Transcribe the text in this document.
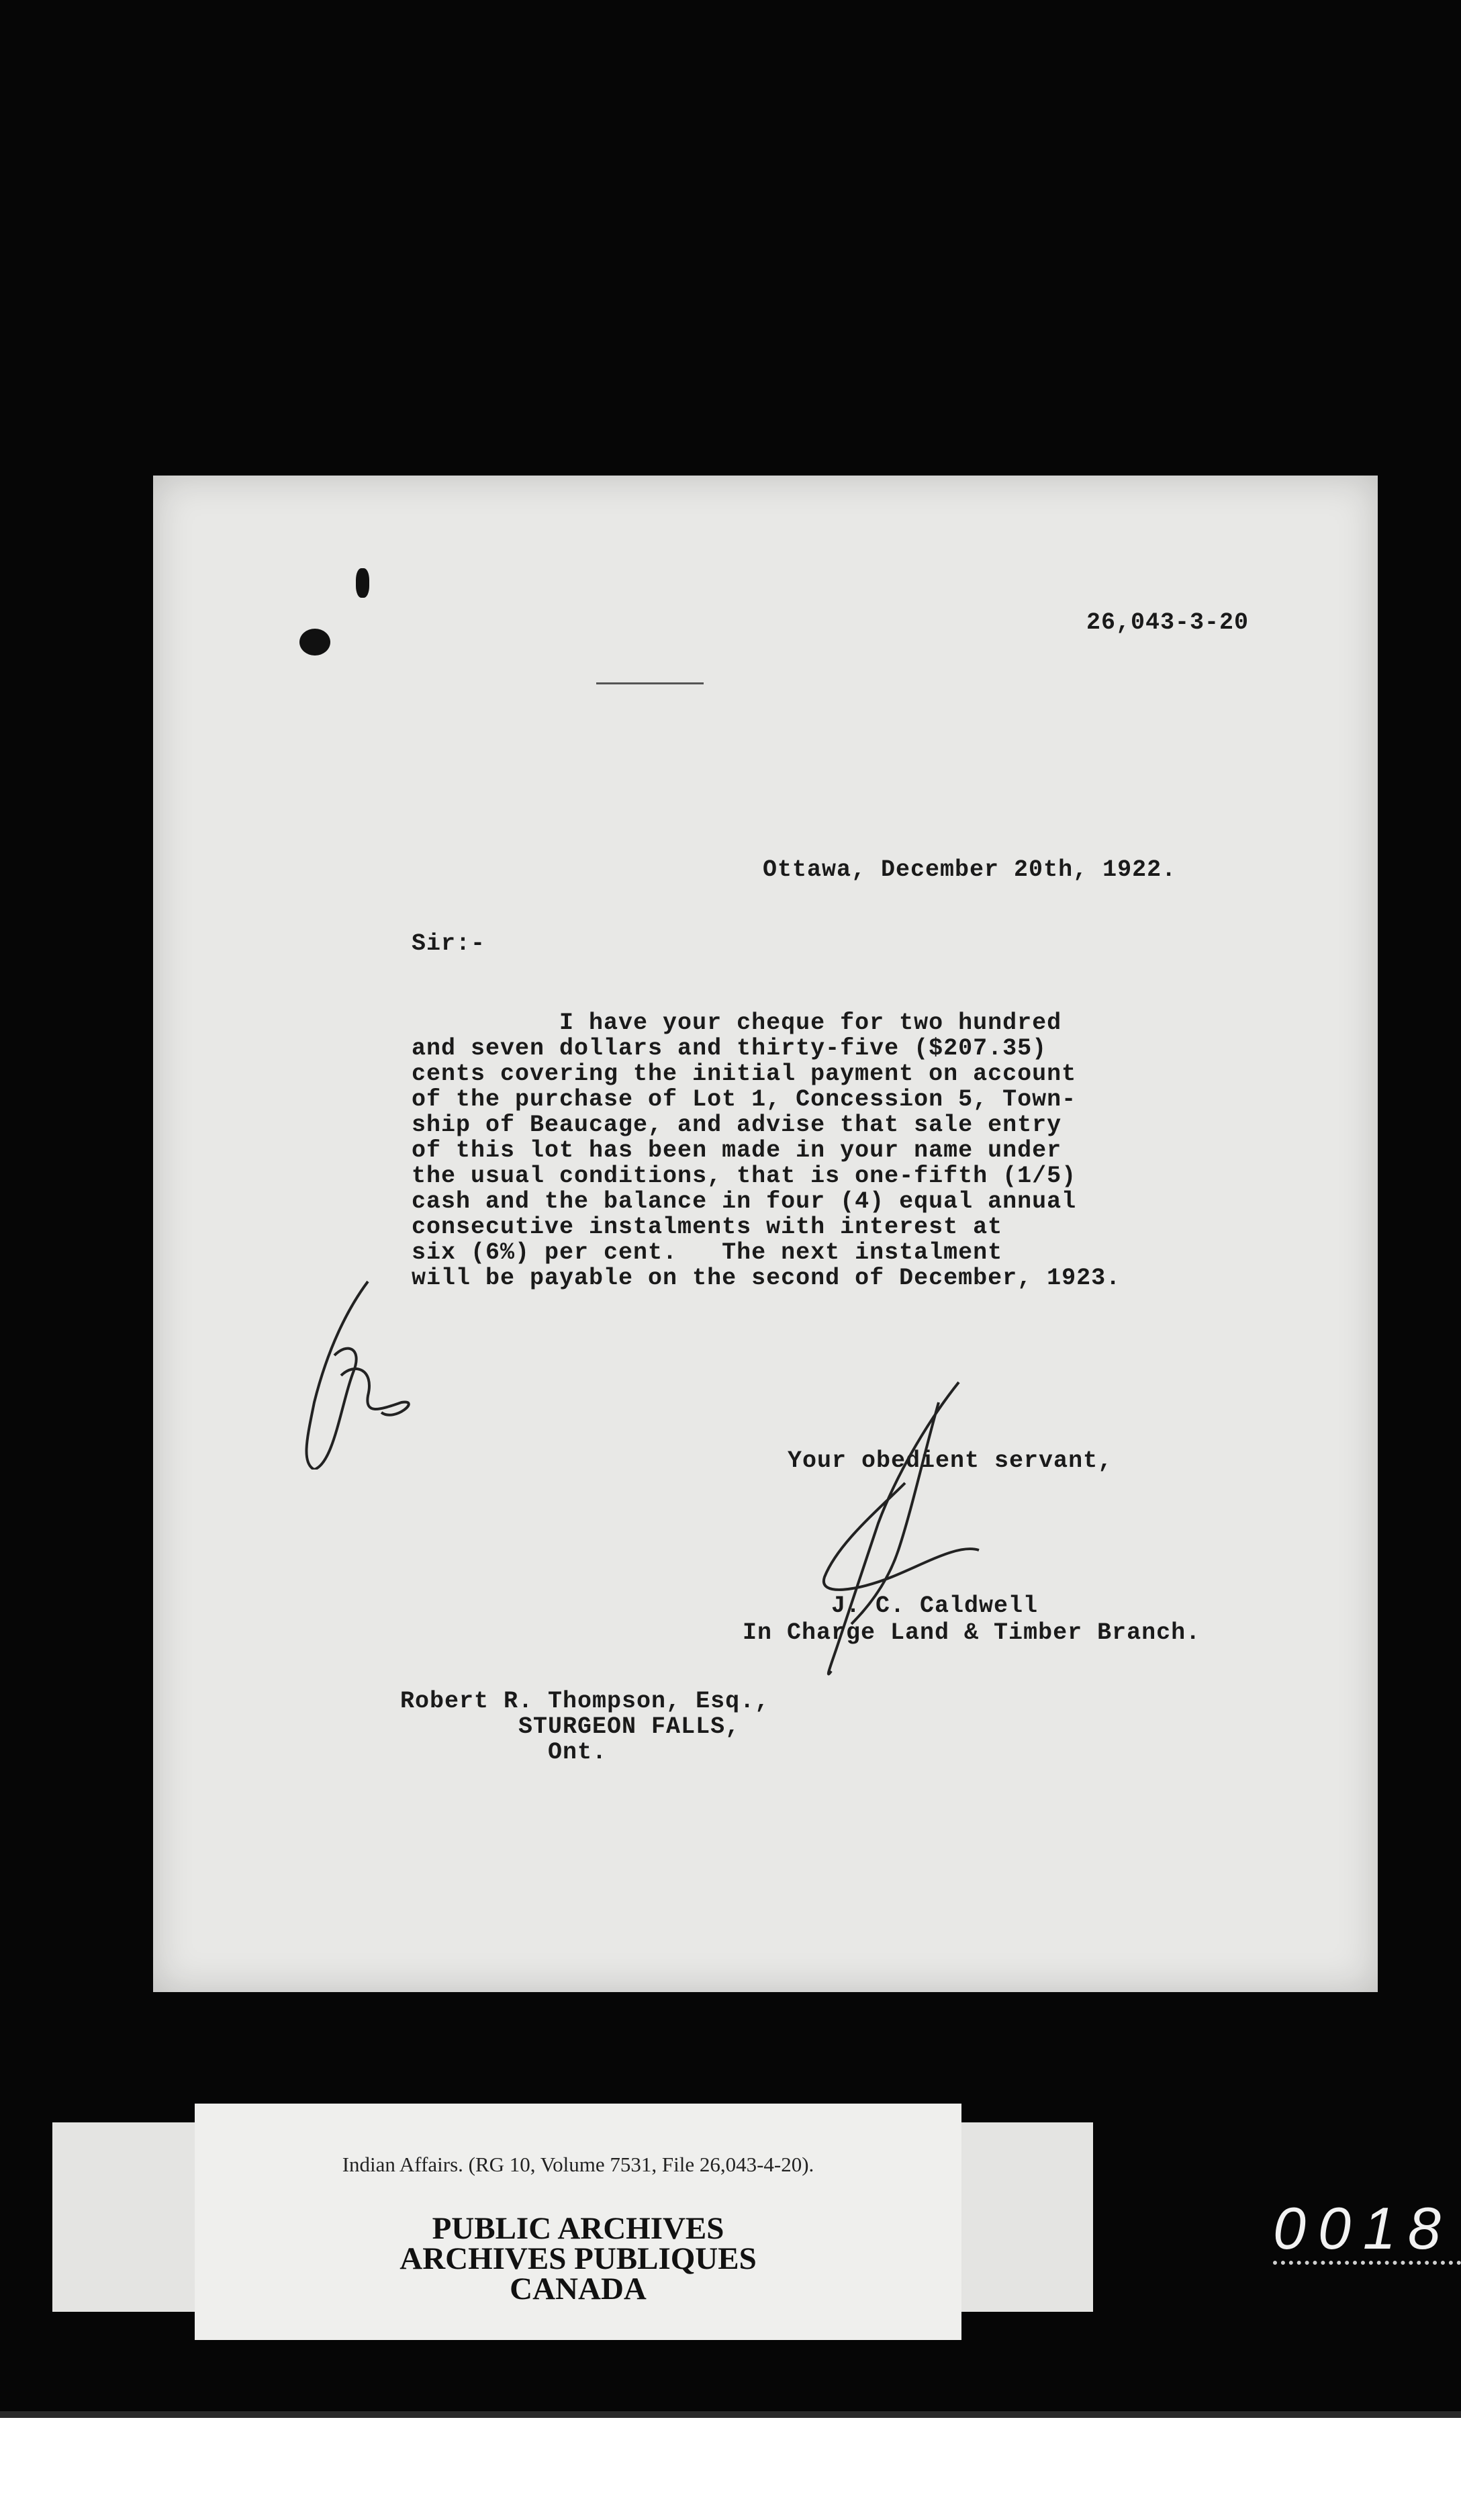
26,043-3-20
Ottawa, December 20th, 1922.
Sir:-
I have your cheque for two hundred
and seven dollars and thirty-five ($207.35)
cents covering the initial payment on account
of the purchase of Lot 1, Concession 5, Town-
ship of Beaucage, and advise that sale entry
of this lot has been made in your name under
the usual conditions, that is one-fifth (1/5)
cash and the balance in four (4) equal annual
consecutive instalments with interest at
six (6%) per cent.   The next instalment
will be payable on the second of December, 1923.
Your obedient servant,
J. C. Caldwell
In Charge Land & Timber Branch.
Robert R. Thompson, Esq.,
STURGEON FALLS,
Ont.
Indian Affairs. (RG 10, Volume 7531, File 26,043-4-20).
PUBLIC ARCHIVES
ARCHIVES PUBLIQUES
CANADA
0018
